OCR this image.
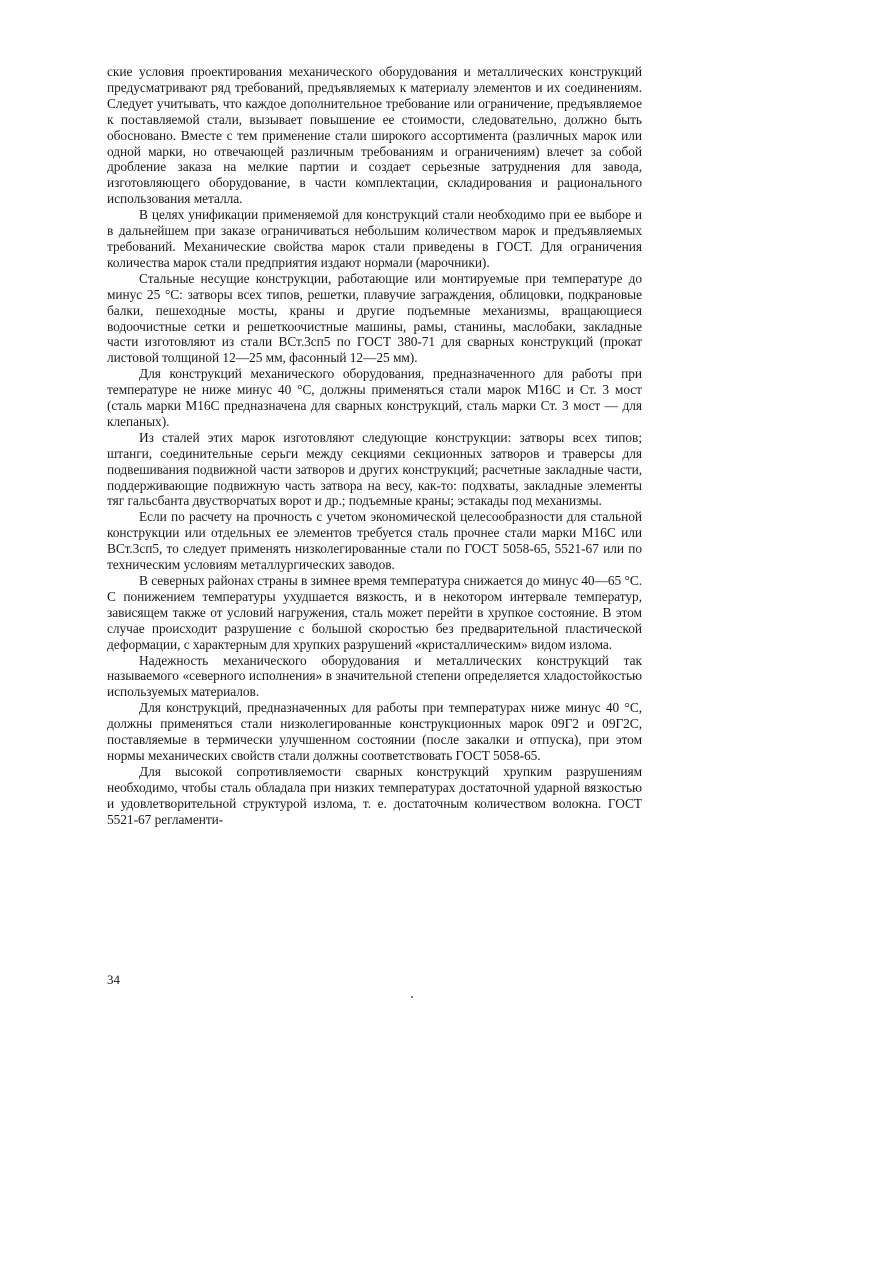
ские условия проектирования механического оборудования и металлических конструкций предусматривают ряд требований, предъявляемых к материалу элементов и их соединениям. Следует учитывать, что каждое дополнительное требование или ограничение, предъявляемое к поставляемой стали, вызывает повышение ее стоимости, следовательно, должно быть обосновано. Вместе с тем применение стали широкого ассортимента (различных марок или одной марки, но отвечающей различным требованиям и ограничениям) влечет за собой дробление заказа на мелкие партии и создает серьезные затруднения для завода, изготовляющего оборудование, в части комплектации, складирования и рационального использования металла.

В целях унификации применяемой для конструкций стали необходимо при ее выборе и в дальнейшем при заказе ограничиваться небольшим количеством марок и предъявляемых требований. Механические свойства марок стали приведены в ГОСТ. Для ограничения количества марок стали предприятия издают нормали (марочники).

Стальные несущие конструкции, работающие или монтируемые при температуре до минус 25 °С: затворы всех типов, решетки, плавучие заграждения, облицовки, подкрановые балки, пешеходные мосты, краны и другие подъемные механизмы, вращающиеся водоочистные сетки и решеткоочистные машины, рамы, станины, маслобаки, закладные части изготовляют из стали ВСт.3сп5 по ГОСТ 380-71 для сварных конструкций (прокат листовой толщиной 12—25 мм, фасонный 12—25 мм).

Для конструкций механического оборудования, предназначенного для работы при температуре не ниже минус 40 °С, должны применяться стали марок М16С и Ст. 3 мост (сталь марки М16С предназначена для сварных конструкций, сталь марки Ст. 3 мост — для клепаных).

Из сталей этих марок изготовляют следующие конструкции: затворы всех типов; штанги, соединительные серьги между секциями секционных затворов и траверсы для подвешивания подвижной части затворов и других конструкций; расчетные закладные части, поддерживающие подвижную часть затвора на весу, как-то: подхваты, закладные элементы тяг гальсбанта двустворчатых ворот и др.; подъемные краны; эстакады под механизмы.

Если по расчету на прочность с учетом экономической целесообразности для стальной конструкции или отдельных ее элементов требуется сталь прочнее стали марки М16С или ВСт.3сп5, то следует применять низколегированные стали по ГОСТ 5058-65, 5521-67 или по техническим условиям металлургических заводов.

В северных районах страны в зимнее время температура снижается до минус 40—65 °С. С понижением температуры ухудшается вязкость, и в некотором интервале температур, зависящем также от условий нагружения, сталь может перейти в хрупкое состояние. В этом случае происходит разрушение с большой скоростью без предварительной пластической деформации, с характерным для хрупких разрушений «кристаллическим» видом излома.

Надежность механического оборудования и металлических конструкций так называемого «северного исполнения» в значительной степени определяется хладостойкостью используемых материалов.

Для конструкций, предназначенных для работы при температурах ниже минус 40 °С, должны применяться стали низколегированные конструкционных марок 09Г2 и 09Г2С, поставляемые в термически улучшенном состоянии (после закалки и отпуска), при этом нормы механических свойств стали должны соответствовать ГОСТ 5058-65.

Для высокой сопротивляемости сварных конструкций хрупким разрушениям необходимо, чтобы сталь обладала при низких температурах достаточной ударной вязкостью и удовлетворительной структурой излома, т. е. достаточным количеством волокна. ГОСТ 5521-67 регламенти-

34
